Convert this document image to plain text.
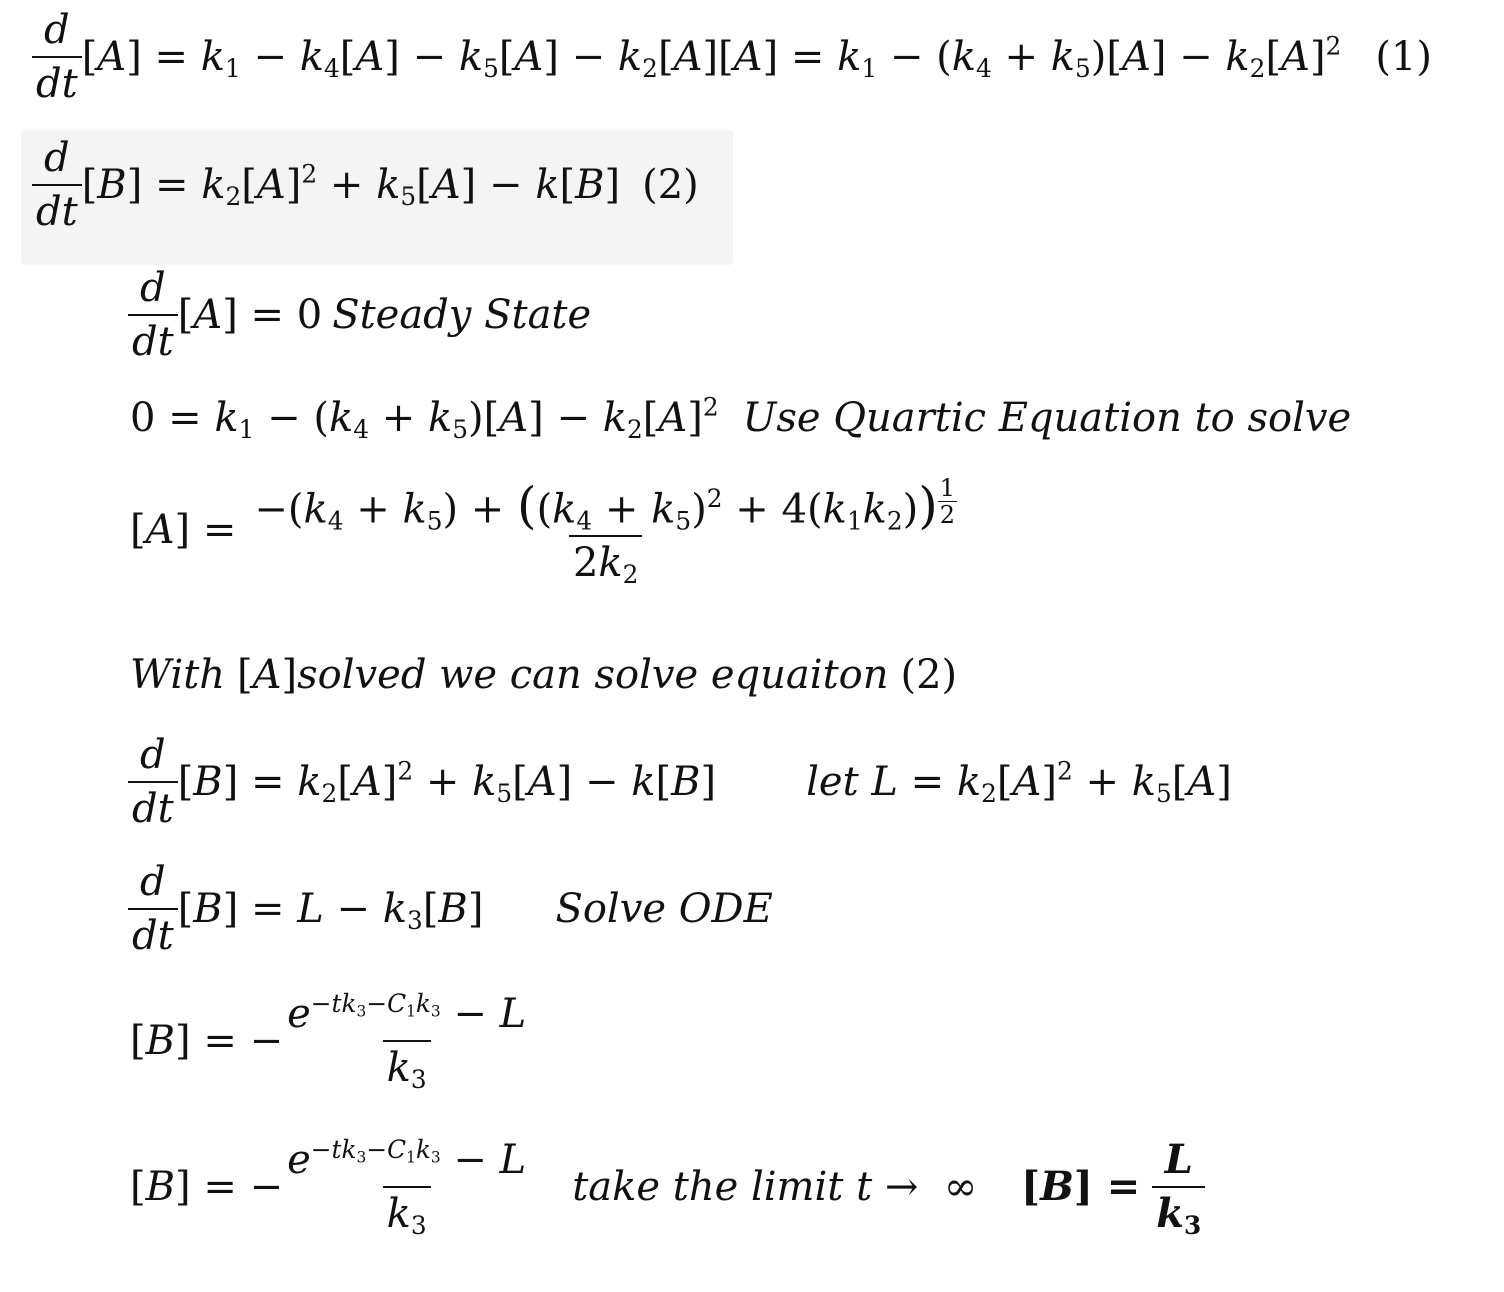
$\frac{d}{dt} [A] = k_1 - k_4[A] - k_5[A] - k_2[A][A] = k_1 - (k_4 + k_5)[A] - k_2[A]^2$ (1)
$\frac{d}{dt} [B] = k_2[A]^2 + k_5[A] - k[B]$ (2)
$\frac{d}{dt} [A] = 0$ Steady State
$0 = k_1 - (k_4 + k_5)[A] - k_2[A]^2$ Use Quartic Equation to solve
$[A] = \frac{-(k_4 + k_5) + ((k_4 + k_5)^2 + 4(k_1k_2)) \frac{1}{2}}{2k_2}$
With [ A ] solved we can solve equaiton (2)
$\frac{d}{dt} [B] = k_2[A]^2 + k_5[A] - k[B]$ let $L = k_2[A]^2 + k_5[A]$
$\frac{d}{dt} [B] = L - k_3[B]$ Solve ODE
[B] = − $\frac{e^{-tk_3-C_1k_3} - L}{k_3}$
[B] = − $\frac{e^{-tk_3-C_1k_3} - L}{k_3}$ take the limit t →  ∞ $[B] = \frac{L}{k_3}$
